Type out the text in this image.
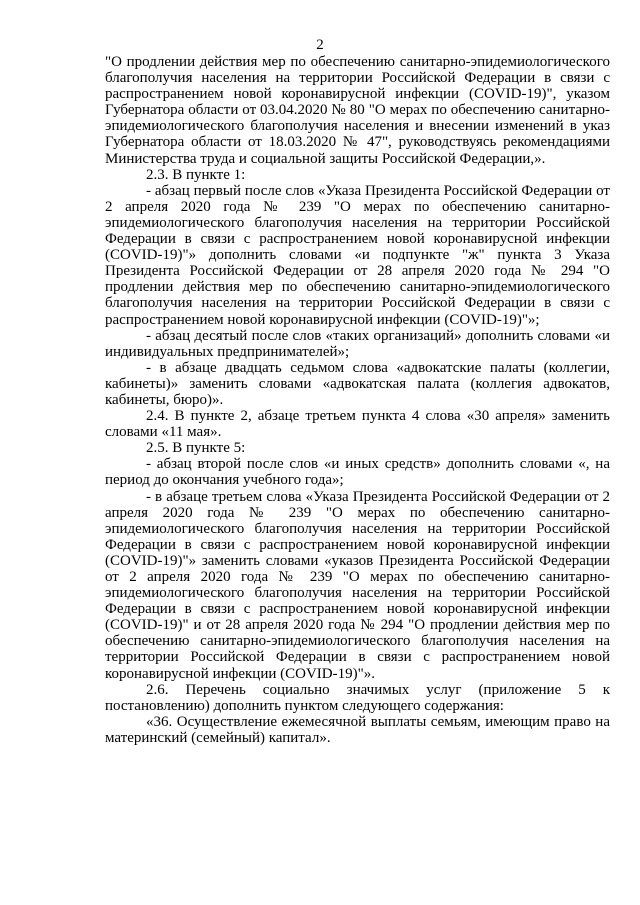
2

"О продлении действия мер по обеспечению санитарно-эпидемиологического благополучия населения на территории Российской Федерации в связи с распространением новой коронавирусной инфекции (COVID-19)", указом Губернатора области от 03.04.2020 № 80 "О мерах по обеспечению санитарно-эпидемиологического благополучия населения и внесении изменений в указ Губернатора области от 18.03.2020 № 47", руководствуясь рекомендациями Министерства труда и социальной защиты Российской Федерации,».

2.3. В пункте 1:

- абзац первый после слов «Указа Президента Российской Федерации от 2 апреля 2020 года № 239 "О мерах по обеспечению санитарно-эпидемиологического благополучия населения на территории Российской Федерации в связи с распространением новой коронавирусной инфекции (COVID-19)"» дополнить словами «и подпункте "ж" пункта 3 Указа Президента Российской Федерации от 28 апреля 2020 года № 294 "О продлении действия мер по обеспечению санитарно-эпидемиологического благополучия населения на территории Российской Федерации в связи с распространением новой коронавирусной инфекции (COVID-19)"»;

- абзац десятый после слов «таких организаций» дополнить словами «и индивидуальных предпринимателей»;

- в абзаце двадцать седьмом слова «адвокатские палаты (коллегии, кабинеты)» заменить словами «адвокатская палата (коллегия адвокатов, кабинеты, бюро)».

2.4. В пункте 2, абзаце третьем пункта 4 слова «30 апреля» заменить словами «11 мая».

2.5. В пункте 5:

- абзац второй после слов «и иных средств» дополнить словами «, на период до окончания учебного года»;

- в абзаце третьем слова «Указа Президента Российской Федерации от 2 апреля 2020 года № 239 "О мерах по обеспечению санитарно-эпидемиологического благополучия населения на территории Российской Федерации в связи с распространением новой коронавирусной инфекции (COVID-19)"» заменить словами «указов Президента Российской Федерации от 2 апреля 2020 года № 239 "О мерах по обеспечению санитарно-эпидемиологического благополучия населения на территории Российской Федерации в связи с распространением новой коронавирусной инфекции (COVID-19)" и от 28 апреля 2020 года № 294 "О продлении действия мер по обеспечению санитарно-эпидемиологического благополучия населения на территории Российской Федерации в связи с распространением новой коронавирусной инфекции (COVID-19)"».

2.6. Перечень социально значимых услуг (приложение 5 к постановлению) дополнить пунктом следующего содержания:

«36. Осуществление ежемесячной выплаты семьям, имеющим право на материнский (семейный) капитал».
